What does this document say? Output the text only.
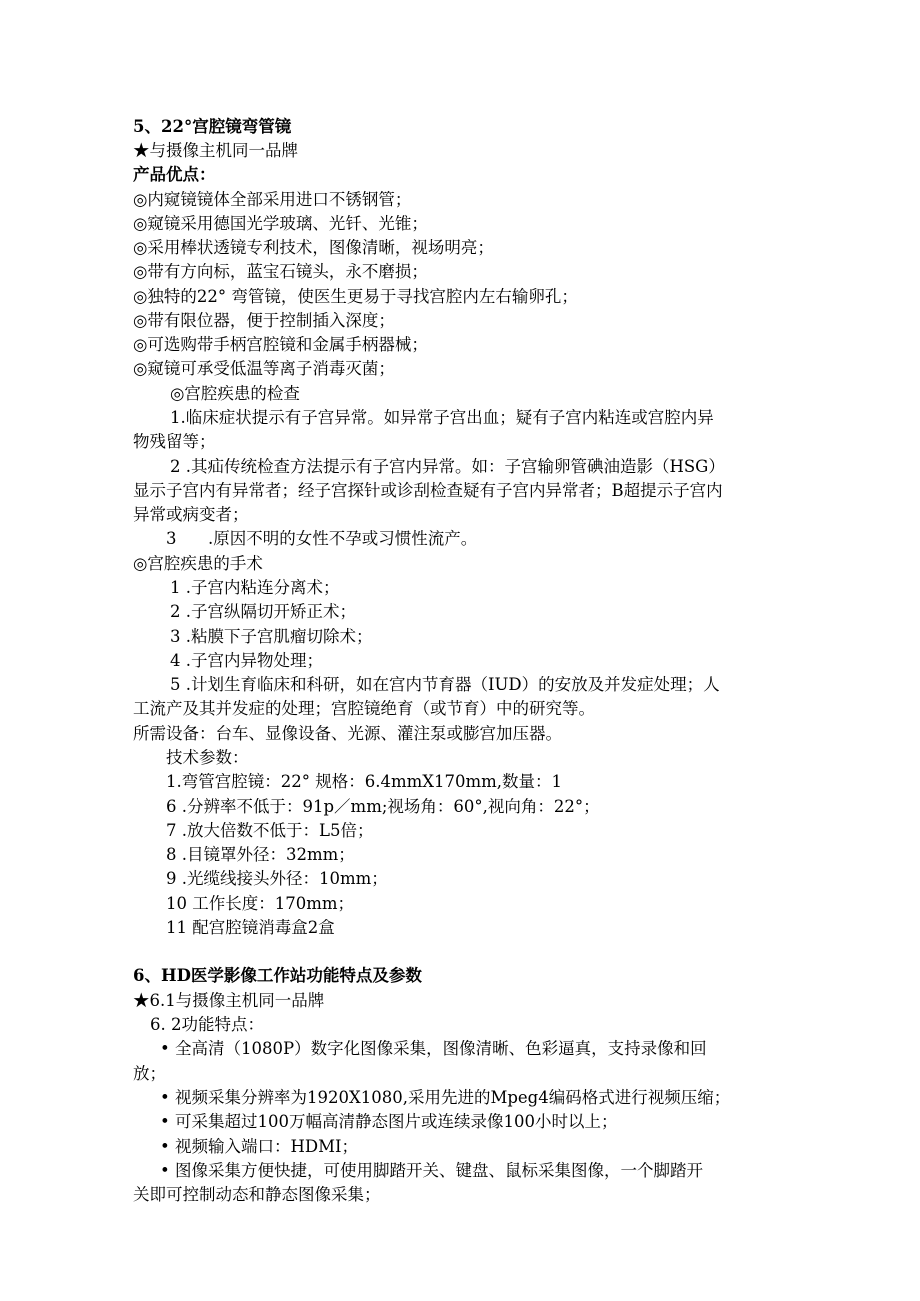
5、22°宫腔镜弯管镜
★与摄像主机同一品牌
产品优点：
◎内窥镜镜体全部采用进口不锈钢管；
◎窥镜采用德国光学玻璃、光钎、光锥；
◎采用棒状透镜专利技术，图像清晰，视场明亮；
◎带有方向标，蓝宝石镜头，永不磨损；
◎独特的22° 弯管镜，使医生更易于寻找宫腔内左右输卵孔；
◎带有限位器，便于控制插入深度；
◎可选购带手柄宫腔镜和金属手柄器械；
◎窥镜可承受低温等离子消毒灭菌；
◎宫腔疾患的检查
1.临床症状提示有子宫异常。如异常子宫出血；疑有子宫内粘连或宫腔内异
物残留等；
2 .其疝传统检查方法提示有子宫内异常。如：子宫输卵管碘油造影（HSG）
显示子宫内有异常者；经子宫探针或诊刮检查疑有子宫内异常者；B超提示子宫内
异常或病变者；
3      .原因不明的女性不孕或习惯性流产。
◎宫腔疾患的手术
1 .子宫内粘连分离术；
2 .子宫纵隔切开矫正术；
3 .粘膜下子宫肌瘤切除术；
4 .子宫内异物处理；
5 .计划生育临床和科研，如在宫内节育器（IUD）的安放及并发症处理；人
工流产及其并发症的处理；宫腔镜绝育（或节育）中的研究等。
所需设备：台车、显像设备、光源、灌注泵或膨宫加压器。
技术参数：
1.弯管宫腔镜：22° 规格：6.4mmX170mm,数量：1
6 .分辨率不低于：91p／mm;视场角：60°,视向角：22°；
7 .放大倍数不低于：L5倍；
8 .目镜罩外径：32mm；
9 .光缆线接头外径：10mm；
10 工作长度：170mm；
11 配宫腔镜消毒盒2盒
6、HD医学影像工作站功能特点及参数
★6.1与摄像主机同一品牌
6. 2功能特点：
• 全高清（1080P）数字化图像采集，图像清晰、色彩逼真，支持录像和回
放；
• 视频采集分辨率为1920X1080,采用先进的Mpeg4编码格式进行视频压缩；
• 可采集超过100万幅高清静态图片或连续录像100小时以上；
• 视频输入端口：HDMI；
• 图像采集方便快捷，可使用脚踏开关、键盘、鼠标采集图像，一个脚踏开
关即可控制动态和静态图像采集；
